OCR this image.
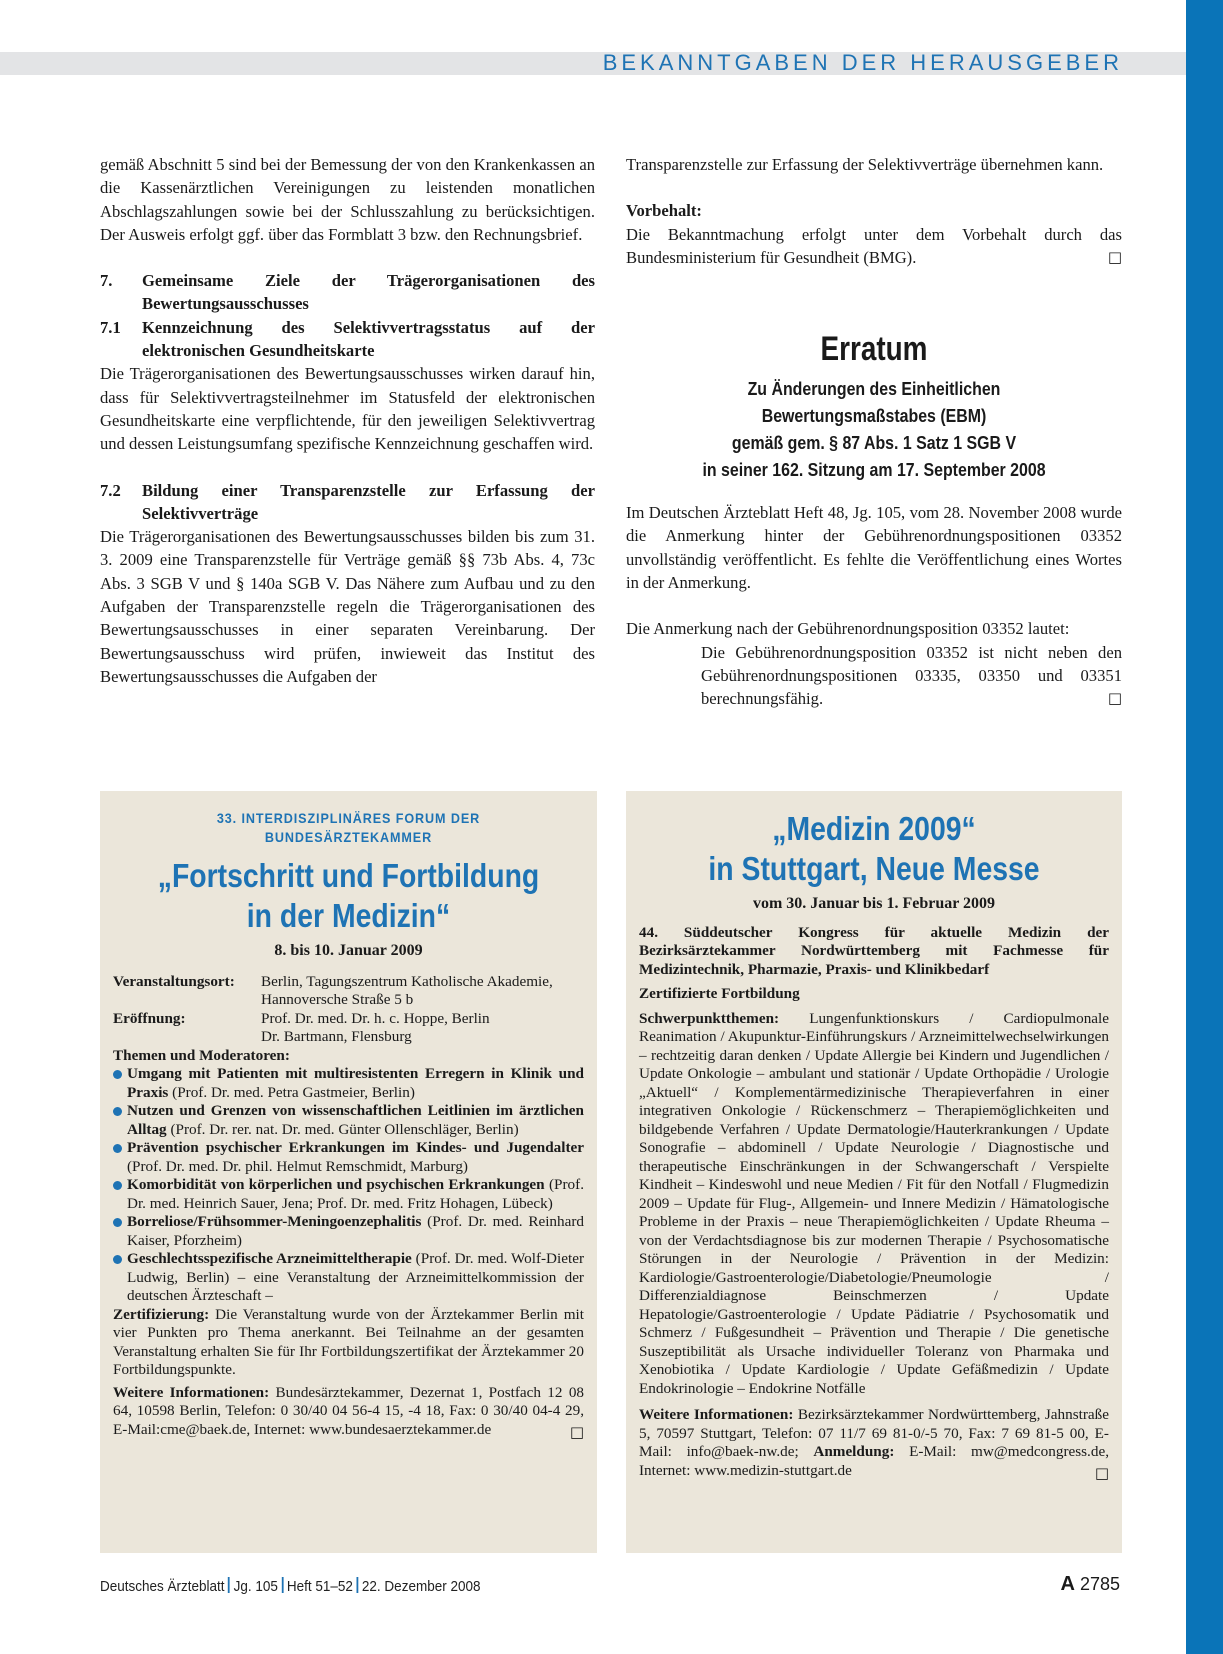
BEKANNTGABEN DER HERAUSGEBER

gemäß Abschnitt 5 sind bei der Bemessung der von den Krankenkassen an die Kassenärztlichen Vereinigungen zu leistenden monatlichen Abschlagszahlungen sowie bei der Schlusszahlung zu berücksichtigen. Der Ausweis erfolgt ggf. über das Formblatt 3 bzw. den Rechnungsbrief.

7.	Gemeinsame Ziele der Trägerorganisationen des Bewertungsausschusses
7.1	Kennzeichnung des Selektivvertragsstatus auf der elektronischen Gesundheitskarte

Die Trägerorganisationen des Bewertungsausschusses wirken darauf hin, dass für Selektivvertragsteilnehmer im Statusfeld der elektronischen Gesundheitskarte eine verpflichtende, für den jeweiligen Selektivvertrag und dessen Leistungsumfang spezifische Kennzeichnung geschaffen wird.

7.2	Bildung einer Transparenzstelle zur Erfassung der Selektivverträge

Die Trägerorganisationen des Bewertungsausschusses bilden bis zum 31. 3. 2009 eine Transparenzstelle für Verträge gemäß §§ 73b Abs. 4, 73c Abs. 3 SGB V und § 140a SGB V. Das Nähere zum Aufbau und zu den Aufgaben der Transparenzstelle regeln die Trägerorganisationen des Bewertungsausschusses in einer separaten Vereinbarung. Der Bewertungsausschuss wird prüfen, inwieweit das Institut des Bewertungsausschusses die Aufgaben der

Transparenzstelle zur Erfassung der Selektivverträge übernehmen kann.

Vorbehalt:

Die Bekanntmachung erfolgt unter dem Vorbehalt durch das Bundesministerium für Gesundheit (BMG).	□

Erratum
Zu Änderungen des Einheitlichen Bewertungsmaßstabes (EBM)
gemäß gem. § 87 Abs. 1 Satz 1 SGB V
in seiner 162. Sitzung am 17. September 2008

Im Deutschen Ärzteblatt Heft 48, Jg. 105, vom 28. November 2008 wurde die Anmerkung hinter der Gebührenordnungspositionen 03352 unvollständig veröffentlicht. Es fehlte die Veröffentlichung eines Wortes in der Anmerkung.

Die Anmerkung nach der Gebührenordnungsposition 03352 lautet:

Die Gebührenordnungsposition 03352 ist nicht neben den Gebührenordnungspositionen 03335, 03350 und 03351 berechnungsfähig.	□

33. INTERDISZIPLINÄRES FORUM DER BUNDESÄRZTEKAMMER
„Fortschritt und Fortbildung
in der Medizin“
8. bis 10. Januar 2009
Veranstaltungsort:	Berlin, Tagungszentrum Katholische Akademie, Hannoversche Straße 5 b
Eröffnung:	Prof. Dr. med. Dr. h. c. Hoppe, Berlin
Dr. Bartmann, Flensburg
Themen und Moderatoren:
Umgang mit Patienten mit multiresistenten Erregern in Klinik und Praxis (Prof. Dr. med. Petra Gastmeier, Berlin)
Nutzen und Grenzen von wissenschaftlichen Leitlinien im ärztlichen Alltag (Prof. Dr. rer. nat. Dr. med. Günter Ollenschläger, Berlin)
Prävention psychischer Erkrankungen im Kindes- und Jugendalter (Prof. Dr. med. Dr. phil. Helmut Remschmidt, Marburg)
Komorbidität von körperlichen und psychischen Erkrankungen (Prof. Dr. med. Heinrich Sauer, Jena; Prof. Dr. med. Fritz Hohagen, Lübeck)
Borreliose/Frühsommer-Meningoenzephalitis (Prof. Dr. med. Reinhard Kaiser, Pforzheim)
Geschlechtsspezifische Arzneimitteltherapie (Prof. Dr. med. Wolf-Dieter Ludwig, Berlin) – eine Veranstaltung der Arzneimittelkommission der deutschen Ärzteschaft –

Zertifizierung: Die Veranstaltung wurde von der Ärztekammer Berlin mit vier Punkten pro Thema anerkannt. Bei Teilnahme an der gesamten Veranstaltung erhalten Sie für Ihr Fortbildungszertifikat der Ärztekammer 20 Fortbildungspunkte.

Weitere Informationen: Bundesärztekammer, Dezernat 1, Postfach 12 08 64, 10598 Berlin, Telefon: 0 30/40 04 56-4 15, -4 18, Fax: 0 30/40 04-4 29, E-Mail:cme@baek.de, Internet: www.bundesaerztekammer.de	□

„Medizin 2009“
in Stuttgart, Neue Messe
vom 30. Januar bis 1. Februar 2009

44. Süddeutscher Kongress für aktuelle Medizin der Bezirksärztekammer Nordwürttemberg mit Fachmesse für Medizintechnik, Pharmazie, Praxis- und Klinikbedarf

Zertifizierte Fortbildung

Schwerpunktthemen: Lungenfunktionskurs / Cardiopulmonale Reanimation / Akupunktur-Einführungskurs / Arzneimittelwechselwirkungen – rechtzeitig daran denken / Update Allergie bei Kindern und Jugendlichen / Update Onkologie – ambulant und stationär / Update Orthopädie / Urologie „Aktuell“ / Komplementärmedizinische Therapieverfahren in einer integrativen Onkologie / Rückenschmerz – Therapiemöglichkeiten und bildgebende Verfahren / Update Dermatologie/Hauterkrankungen / Update Sonografie – abdominell / Update Neurologie / Diagnostische und therapeutische Einschränkungen in der Schwangerschaft / Verspielte Kindheit – Kindeswohl und neue Medien / Fit für den Notfall / Flugmedizin 2009 – Update für Flug-, Allgemein- und Innere Medizin / Hämatologische Probleme in der Praxis – neue Therapiemöglichkeiten / Update Rheuma – von der Verdachtsdiagnose bis zur modernen Therapie / Psychosomatische Störungen in der Neurologie / Prävention in der Medizin: Kardiologie/Gastroenterologie/Diabetologie/Pneumologie / Differenzialdiagnose Beinschmerzen / Update Hepatologie/Gastroenterologie / Update Pädiatrie / Psychosomatik und Schmerz / Fußgesundheit – Prävention und Therapie / Die genetische Suszeptibilität als Ursache individueller Toleranz von Pharmaka und Xenobiotika / Update Kardiologie / Update Gefäßmedizin / Update Endokrinologie – Endokrine Notfälle

Weitere Informationen: Bezirksärztekammer Nordwürttemberg, Jahnstraße 5, 70597 Stuttgart, Telefon: 07 11/7 69 81-0/-5 70, Fax: 7 69 81-5 00, E-Mail: info@baek-nw.de; Anmeldung: E-Mail: mw@medcongress.de, Internet: www.medizin-stuttgart.de	□

Deutsches Ärzteblatt Jg. 105 Heft 51–52 22. Dezember 2008	A 2785
